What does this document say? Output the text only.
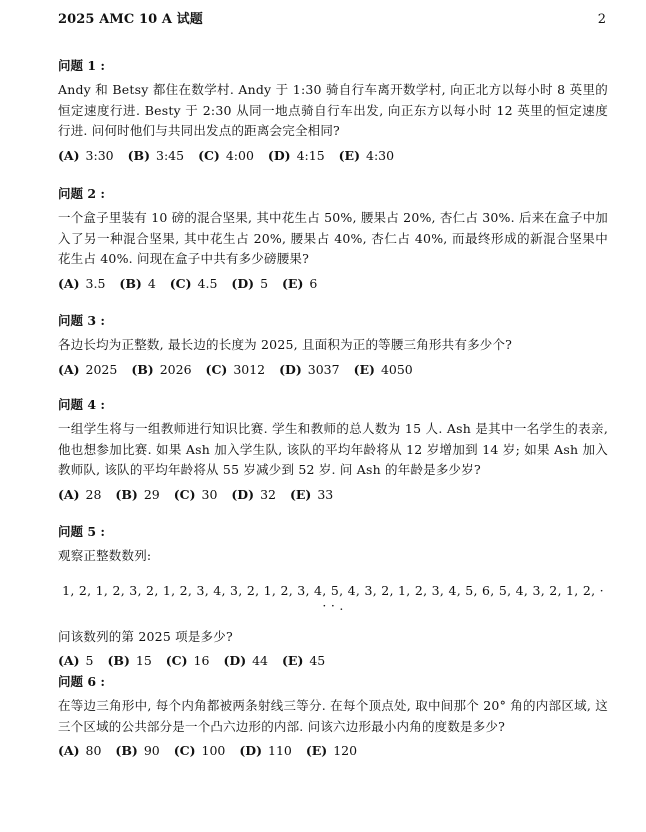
2025 AMC 10 A 试题	2
问题 1 :
Andy 和 Betsy 都住在数学村. Andy 于 1:30 骑自行车离开数学村, 向正北方以每小时 8 英里的恒定速度行进. Besty 于 2:30 从同一地点骑自行车出发, 向正东方以每小时 12 英里的恒定速度行进. 问何时他们与共同出发点的距离会完全相同?
(A) 3:30 (B) 3:45 (C) 4:00 (D) 4:15 (E) 4:30
问题 2 :
一个盒子里装有 10 磅的混合坚果, 其中花生占 50%, 腰果占 20%, 杏仁占 30%. 后来在盒子中加入了另一种混合坚果, 其中花生占 20%, 腰果占 40%, 杏仁占 40%, 而最终形成的新混合坚果中花生占 40%. 问现在盒子中共有多少磅腰果?
(A) 3.5 (B) 4 (C) 4.5 (D) 5 (E) 6
问题 3 :
各边长均为正整数, 最长边的长度为 2025, 且面积为正的等腰三角形共有多少个?
(A) 2025 (B) 2026 (C) 3012 (D) 3037 (E) 4050
问题 4 :
一组学生将与一组教师进行知识比赛. 学生和教师的总人数为 15 人. Ash 是其中一名学生的表亲, 他也想参加比赛. 如果 Ash 加入学生队, 该队的平均年龄将从 12 岁增加到 14 岁; 如果 Ash 加入教师队, 该队的平均年龄将从 55 岁减少到 52 岁. 问 Ash 的年龄是多少岁?
(A) 28 (B) 29 (C) 30 (D) 32 (E) 33
问题 5 :
观察正整数数列:
1, 2, 1, 2, 3, 2, 1, 2, 3, 4, 3, 2, 1, 2, 3, 4, 5, 4, 3, 2, 1, 2, 3, 4, 5, 6, 5, 4, 3, 2, 1, 2, · · · .
问该数列的第 2025 项是多少?
(A) 5 (B) 15 (C) 16 (D) 44 (E) 45
问题 6 :
在等边三角形中, 每个内角都被两条射线三等分. 在每个顶点处, 取中间那个 20° 角的内部区域, 这三个区域的公共部分是一个凸六边形的内部. 问该六边形最小内角的度数是多少?
(A) 80 (B) 90 (C) 100 (D) 110 (E) 120
